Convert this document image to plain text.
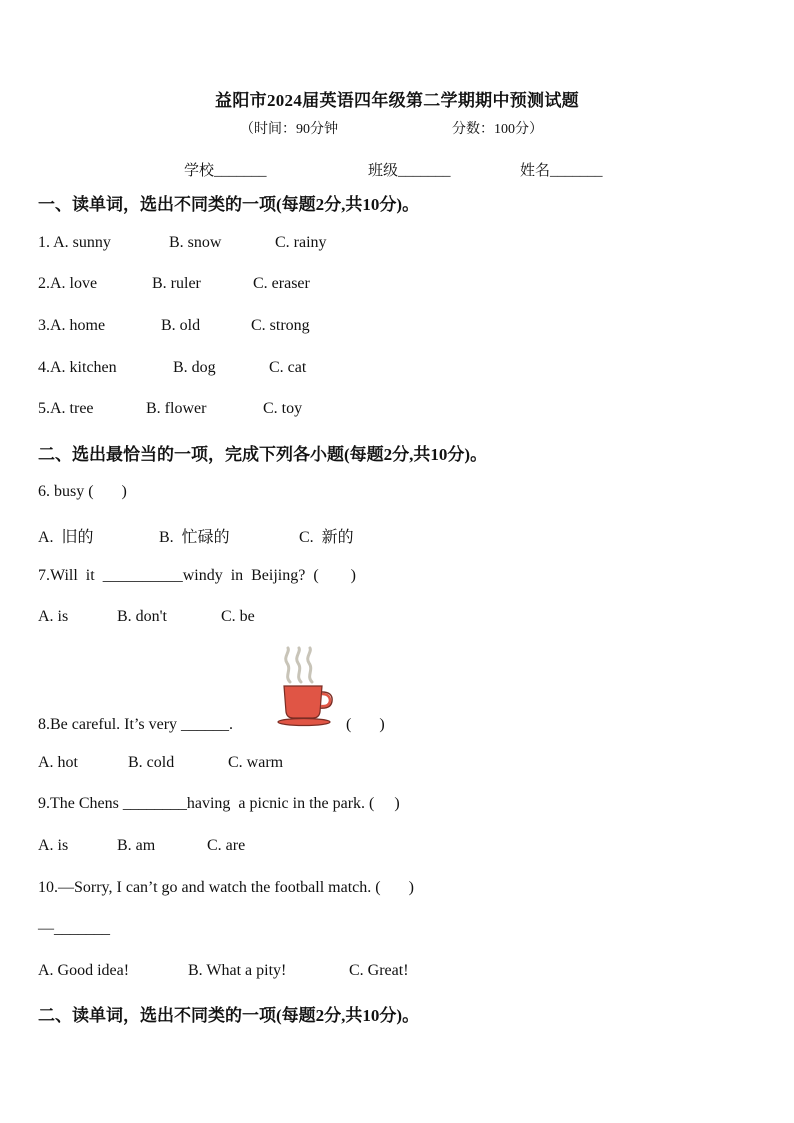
益阳市2024届英语四年级第二学期期中预测试题
（时间：90分钟	分数：100分）
学校_______	班级_______	姓名_______
一、读单词，选出不同类的一项(每题2分,共10分)。
1. A. sunny	B. snow	C. rainy
2.A. love	B. ruler	C. eraser
3.A. home	B. old	C. strong
4.A. kitchen	B. dog	C. cat
5.A. tree	B. flower	C. toy
二、选出最恰当的一项，完成下列各小题(每题2分,共10分)。
6. busy (       )
A.  旧的	B.  忙碌的	C.  新的
7.Will  it  __________windy  in  Beijing?  (        )
A. is	B. don't	C. be
8.Be careful. It’s very ______.	(       )
A. hot	B. cold	C. warm
9.The Chens ________having  a picnic in the park. (     )
A. is	B. am	C. are
10.—Sorry, I can’t go and watch the football match. (       )
—_______
A. Good idea!	B. What a pity!	C. Great!
二、读单词，选出不同类的一项(每题2分,共10分)。
